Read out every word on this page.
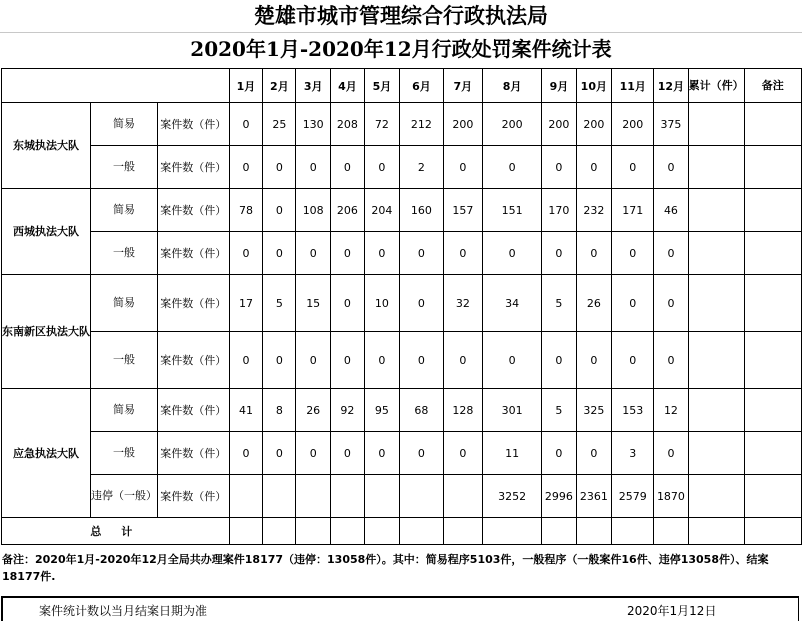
楚雄市城市管理综合行政执法局
2020年1月-2020年12月行政处罚案件统计表
			1月	2月	3月	4月	5月	6月	7月	8月	9月	10月	11月	12月	累计（件）	备注
东城执法大队	简易	案件数（件）	0	25	130	208	72	212	200	200	200	200	200	375		
	一般	案件数（件）	0	0	0	0	0	2	0	0	0	0	0	0		
西城执法大队	简易	案件数（件）	78	0	108	206	204	160	157	151	170	232	171	46		
	一般	案件数（件）	0	0	0	0	0	0	0	0	0	0	0	0		
东南新区执法大队	简易	案件数（件）	17	5	15	0	10	0	32	34	5	26	0	0		
	一般	案件数（件）	0	0	0	0	0	0	0	0	0	0	0	0		
应急执法大队	简易	案件数（件）	41	8	26	92	95	68	128	301	5	325	153	12		
	一般	案件数（件）	0	0	0	0	0	0	0	11	0	0	3	0		
	违停（一般）	案件数（件）								3252	2996	2361	2579	1870		
总 计																
备注：2020年1月-2020年12月全局共办理案件18177（违停：13058件）。其中：简易程序5103件，一般程序（一般案件16件、违停13058件）、结案18177件.
案件统计数以当月结案日期为准	2020年1月12日
